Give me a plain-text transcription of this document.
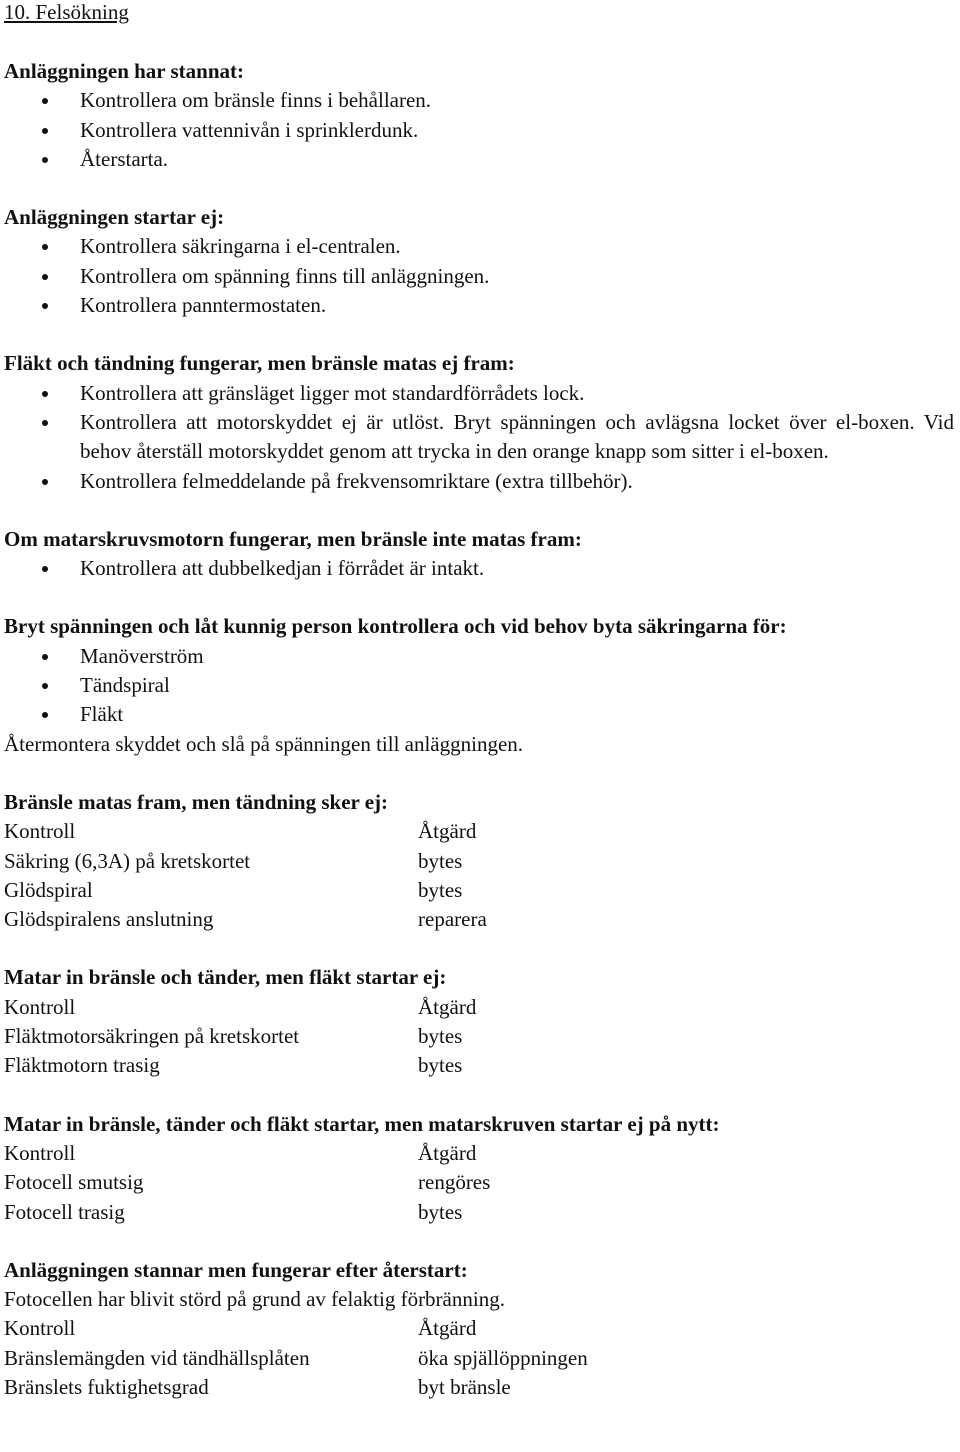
10. Felsökning
Anläggningen har stannat:
Kontrollera om bränsle finns i behållaren.
Kontrollera vattennivån i sprinklerdunk.
Återstarta.
Anläggningen startar ej:
Kontrollera säkringarna i el-centralen.
Kontrollera om spänning finns till anläggningen.
Kontrollera panntermostaten.
Fläkt och tändning fungerar, men bränsle matas ej fram:
Kontrollera att gränsläget ligger mot standardförrådets lock.
Kontrollera att motorskyddet ej är utlöst. Bryt spänningen och avlägsna locket över el-boxen. Vid behov återställ motorskyddet genom att trycka in den orange knapp som sitter i el-boxen.
Kontrollera felmeddelande på frekvensomriktare (extra tillbehör).
Om matarskruvsmotorn fungerar, men bränsle inte matas fram:
Kontrollera att dubbelkedjan i förrådet är intakt.
Bryt spänningen och låt kunnig person kontrollera och vid behov byta säkringarna för:
Manöverström
Tändspiral
Fläkt

Återmontera skyddet och slå på spänningen till anläggningen.

Bränsle matas fram, men tändning sker ej:
Kontroll	Åtgärd
Säkring (6,3A) på kretskortet	bytes
Glödspiral	bytes
Glödspiralens anslutning	reparera
Matar in bränsle och tänder, men fläkt startar ej:
Kontroll	Åtgärd
Fläktmotorsäkringen på kretskortet	bytes
Fläktmotorn trasig	bytes
Matar in bränsle, tänder och fläkt startar, men matarskruven startar ej på nytt:
Kontroll	Åtgärd
Fotocell smutsig	rengöres
Fotocell trasig	bytes
Anläggningen stannar men fungerar efter återstart:

Fotocellen har blivit störd på grund av felaktig förbränning.

Kontroll	Åtgärd
Bränslemängden vid tändhällsplåten	öka spjällöppningen
Bränslets fuktighetsgrad	byt bränsle
